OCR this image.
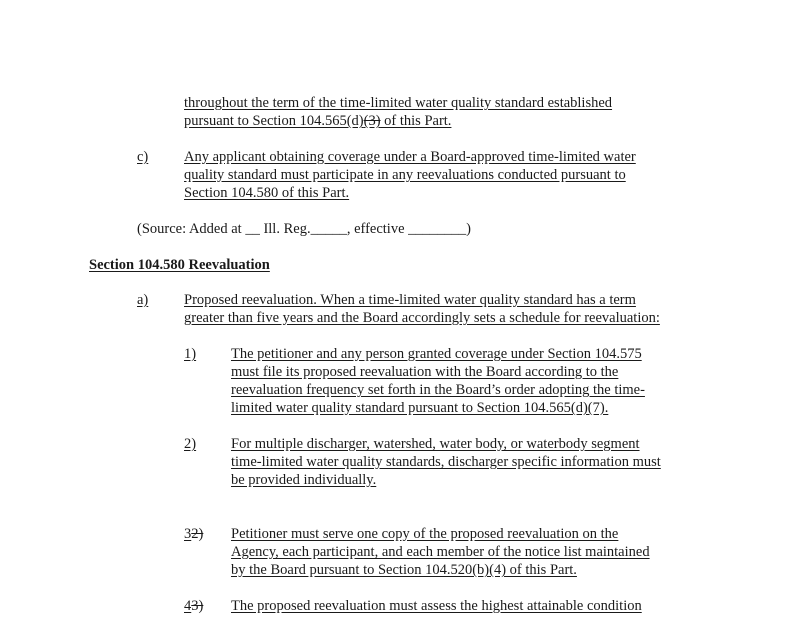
throughout the term of the time-limited water quality standard established
pursuant to Section 104.565(d)(3) of this Part.
c) Any applicant obtaining coverage under a Board-approved time-limited water
quality standard must participate in any reevaluations conducted pursuant to
Section 104.580 of this Part.
(Source: Added at __ Ill. Reg._____, effective ________)
Section 104.580 Reevaluation
a) Proposed reevaluation. When a time-limited water quality standard has a term
greater than five years and the Board accordingly sets a schedule for reevaluation:
1) The petitioner and any person granted coverage under Section 104.575
must file its proposed reevaluation with the Board according to the
reevaluation frequency set forth in the Board’s order adopting the time-
limited water quality standard pursuant to Section 104.565(d)(7).
2) For multiple discharger, watershed, water body, or waterbody segment
time-limited water quality standards, discharger specific information must
be provided individually.
32) Petitioner must serve one copy of the proposed reevaluation on the
Agency, each participant, and each member of the notice list maintained
by the Board pursuant to Section 104.520(b)(4) of this Part.
43) The proposed reevaluation must assess the highest attainable condition
